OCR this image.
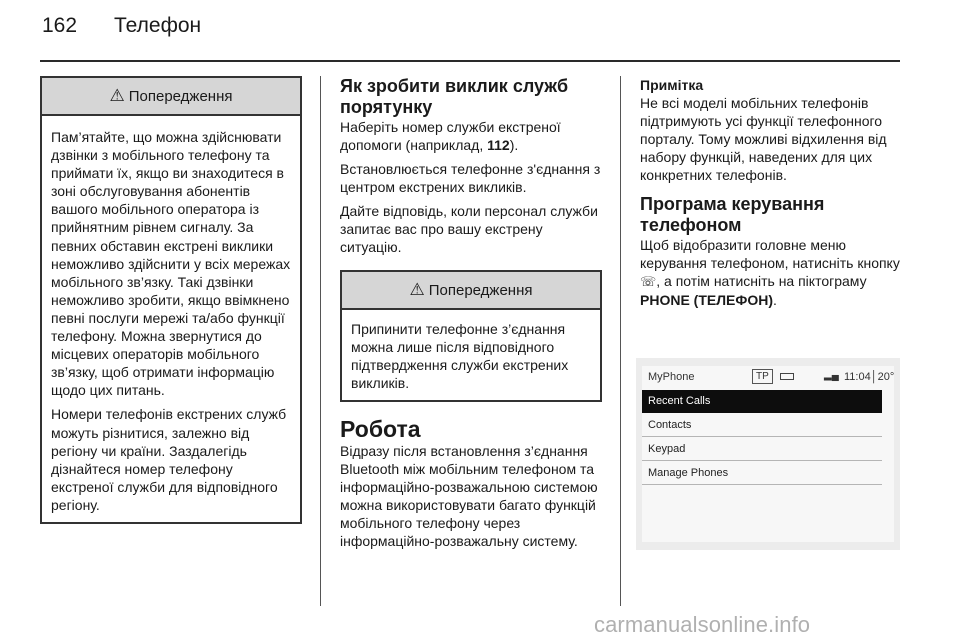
162	Телефон
⚠ Попередження

Пам’ятайте, що можна здійснювати дзвінки з мобільного телефону та приймати їх, якщо ви знаходитеся в зоні обслуговування абонентів вашого мобільного оператора із прийнятним рівнем сигналу. За певних обставин екстрені виклики неможливо здійснити у всіх мережах мобільного зв’язку. Такі дзвінки неможливо зробити, якщо ввімкнено певні послуги мережі та/або функції телефону. Можна звернутися до місцевих операторів мобільного зв’язку, щоб отримати інформацію щодо цих питань.

Номери телефонів екстрених служб можуть різнитися, залежно від регіону чи країни. Заздалегідь дізнайтеся номер телефону екстреної служби для відповідного регіону.

Як зробити виклик служб порятунку

Наберіть номер служби екстреної допомоги (наприклад, 112).

Встановлюється телефонне з'єднання з центром екстрених викликів.

Дайте відповідь, коли персонал служби запитає вас про вашу екстрену ситуацію.

⚠ Попередження

Припинити телефонне з’єднання можна лише після відповідного підтвердження служби екстрених викликів.

Робота

Відразу після встановлення з’єднання Bluetooth між мобільним телефоном та інформаційно-розважальною системою можна використовувати багато функцій мобільного телефону через інформаційно-розважальну систему.

Примітка

Не всі моделі мобільних телефонів підтримують усі функції телефонного порталу. Тому можливі відхилення від набору функцій, наведених для цих конкретних телефонів.

Програма керування телефоном

Щоб відобразити головне меню керування телефоном, натисніть кнопку ☏, а потім натисніть на піктограму PHONE (ТЕЛЕФОН).

MyPhone	TP	▂▄ 11:04│20°
Recent Calls
Contacts
Keypad
Manage Phones
carmanualsonline.info
